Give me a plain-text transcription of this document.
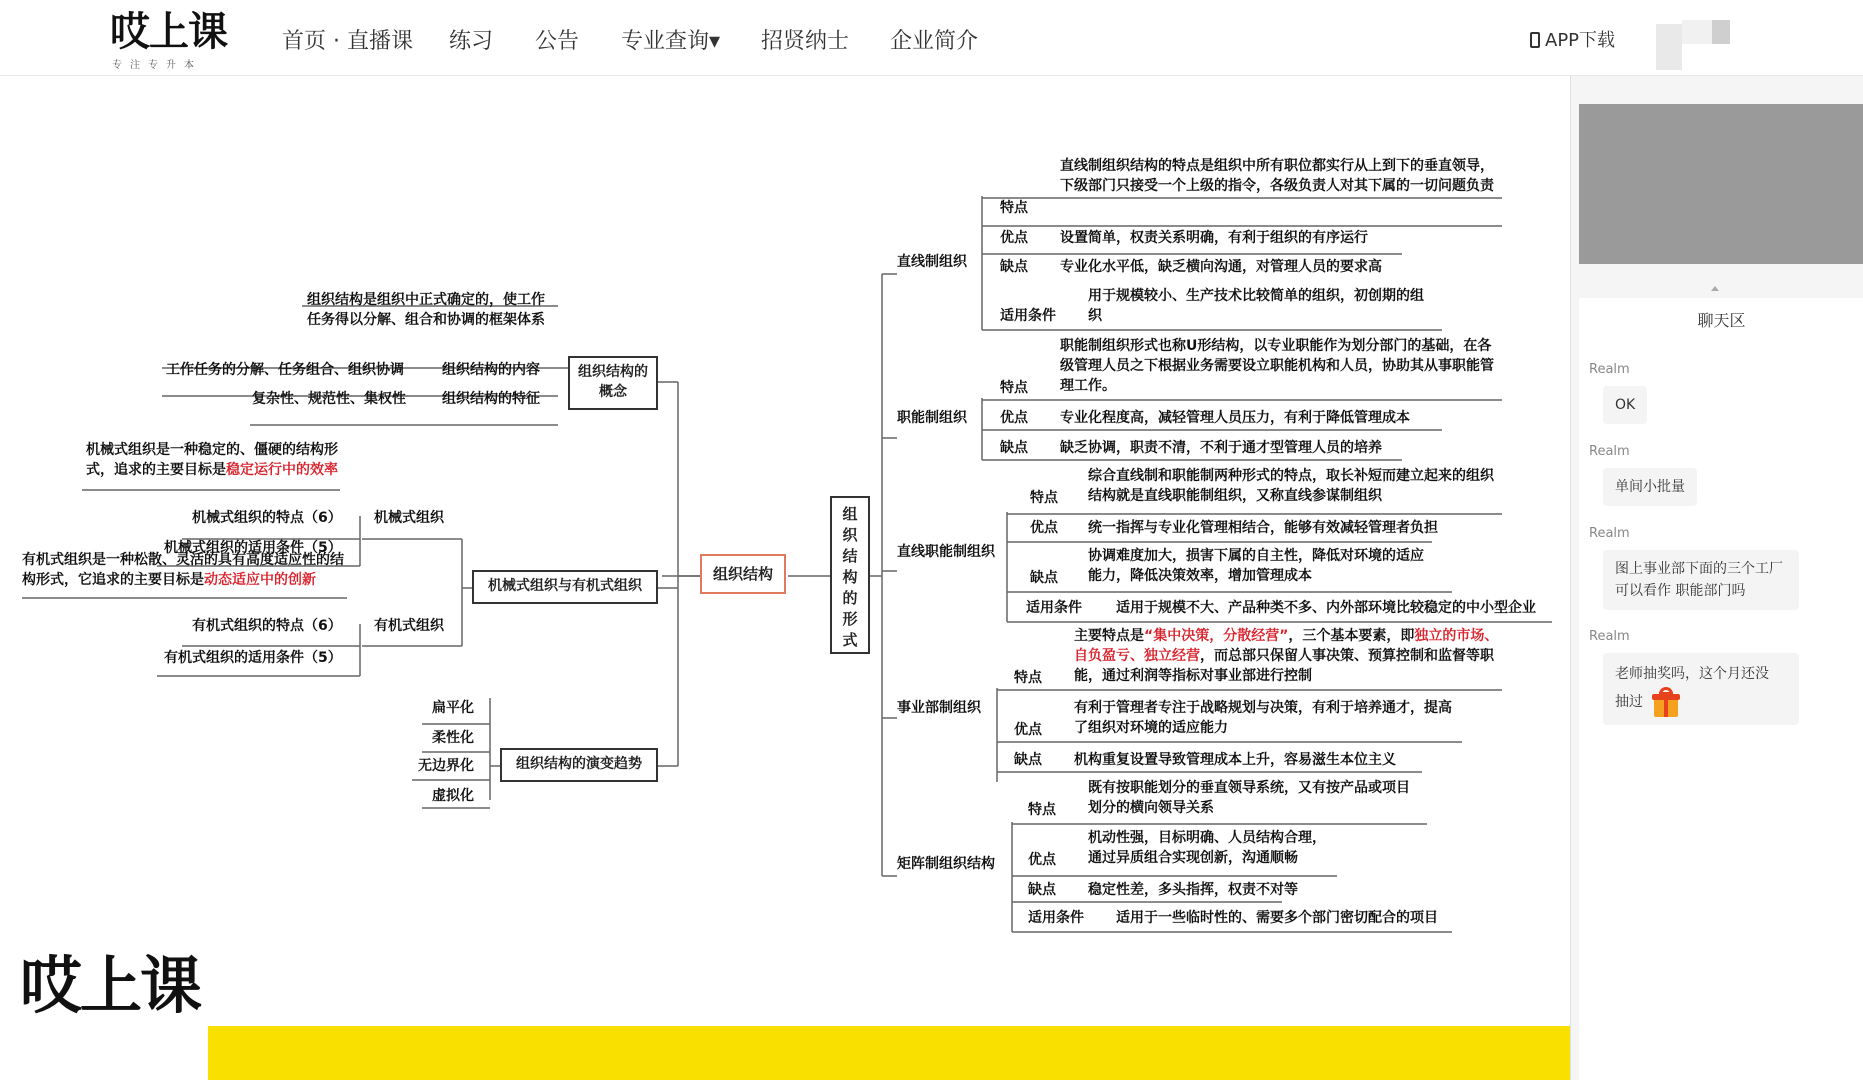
哎上课
专注专升本
首页 · 直播课 练习 公告 专业查询▾ 招贤纳士 企业简介	APP下载
组织结构
组
织
结
构
的
形
式
组织结构是组织中正式确定的，使工作任务得以分解、组合和协调的框架体系
工作任务的分解、任务组合、组织协调	组织结构的内容
复杂性、规范性、集权性	组织结构的特征
组织结构的概念
机械式组织是一种稳定的、僵硬的结构形式，追求的主要目标是稳定运行中的效率
机械式组织的特点（6） 机械式组织
机械式组织的适用条件（5）
有机式组织是一种松散、灵活的具有高度适应性的结构形式，它追求的主要目标是动态适应中的创新
有机式组织的特点（6） 有机式组织
有机式组织的适用条件（5）
机械式组织与有机式组织
扁平化
柔性化
无边界化
虚拟化
组织结构的演变趋势
直线制组织
特点
直线制组织结构的特点是组织中所有职位都实行从上到下的垂直领导，下级部门只接受一个上级的指令，各级负责人对其下属的一切问题负责
优点 设置简单，权责关系明确，有利于组织的有序运行
缺点 专业化水平低，缺乏横向沟通，对管理人员的要求高
适用条件
用于规模较小、生产技术比较简单的组织，初创期的组织
职能制组织
特点
职能制组织形式也称U形结构，以专业职能作为划分部门的基础，在各级管理人员之下根据业务需要设立职能机构和人员，协助其从事职能管理工作。
优点 专业化程度高，减轻管理人员压力，有利于降低管理成本
缺点 缺乏协调，职责不清，不利于通才型管理人员的培养
直线职能制组织
特点
综合直线制和职能制两种形式的特点，取长补短而建立起来的组织结构就是直线职能制组织，又称直线参谋制组织
优点 统一指挥与专业化管理相结合，能够有效减轻管理者负担
缺点
协调难度加大，损害下属的自主性，降低对环境的适应能力，降低决策效率，增加管理成本
适用条件 适用于规模不大、产品种类不多、内外部环境比较稳定的中小型企业
事业部制组织
特点
主要特点是“集中决策，分散经营”，三个基本要素，即独立的市场、自负盈亏、独立经营，而总部只保留人事决策、预算控制和监督等职能，通过利润等指标对事业部进行控制
优点
有利于管理者专注于战略规划与决策，有利于培养通才，提高了组织对环境的适应能力
缺点 机构重复设置导致管理成本上升，容易滋生本位主义
矩阵制组织结构
特点
既有按职能划分的垂直领导系统，又有按产品或项目划分的横向领导关系
优点
机动性强，目标明确、人员结构合理，通过异质组合实现创新，沟通顺畅
缺点 稳定性差，多头指挥，权责不对等
适用条件 适用于一些临时性的、需要多个部门密切配合的项目
哎上课
聊天区
Realm
OK
Realm
单间小批量
Realm
图上事业部下面的三个工厂可以看作 职能部门吗
Realm
老师抽奖吗，这个月还没
抽过
